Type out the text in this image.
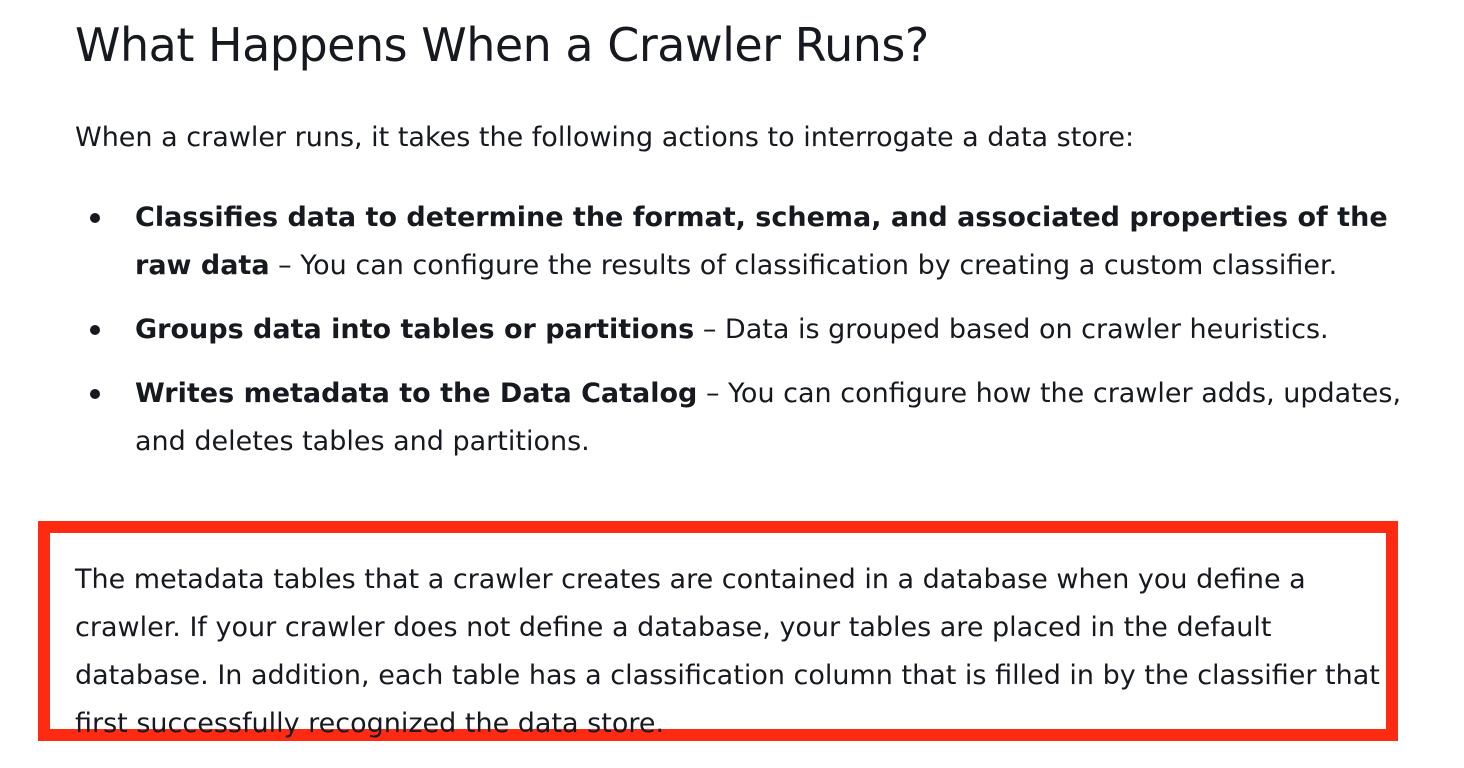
What Happens When a Crawler Runs?

When a crawler runs, it takes the following actions to interrogate a data store:

Classifies data to determine the format, schema, and associated properties of the raw data – You can configure the results of classification by creating a custom classifier.
Groups data into tables or partitions – Data is grouped based on crawler heuristics.
Writes metadata to the Data Catalog – You can configure how the crawler adds, updates, and deletes tables and partitions.

The metadata tables that a crawler creates are contained in a database when you define a crawler. If your crawler does not define a database, your tables are placed in the default database. In addition, each table has a classification column that is filled in by the classifier that first successfully recognized the data store.
